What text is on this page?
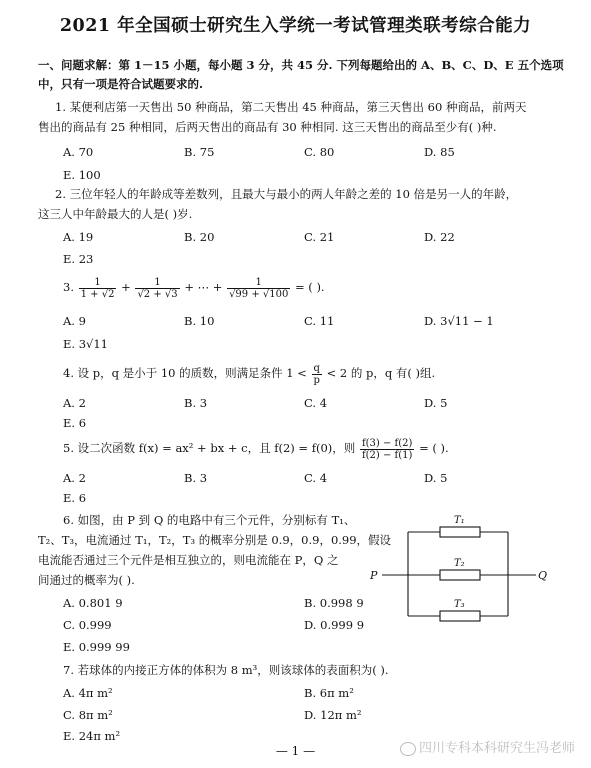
2021 年全国硕士研究生入学统一考试管理类联考综合能力
一、问题求解：第 1－15 小题，每小题 3 分，共 45 分. 下列每题给出的 A、B、C、D、E 五个选项
中，只有一项是符合试题要求的.
1. 某便利店第一天售出 50 种商品，第二天售出 45 种商品，第三天售出 60 种商品，前两天
售出的商品有 25 种相同，后两天售出的商品有 30 种相同. 这三天售出的商品至少有( )种.
A. 70	B. 75	C. 80	D. 85
E. 100
2. 三位年轻人的年龄成等差数列，且最大与最小的两人年龄之差的 10 倍是另一人的年龄，
这三人中年龄最大的人是( )岁.
A. 19	B. 20	C. 21	D. 22
E. 23
3. $\frac{1}{1 + √2} + \frac{1}{√2 + √3}$ + ⋯ + $\frac{1}{√99 + √100}$ = ( ).
A. 9	B. 10	C. 11	D. 3√11 − 1
E. 3√11
4. 设 p，q 是小于 10 的质数，则满足条件 $1 < \frac{q}{p} < 2$ 的 p，q 有( )组.
A. 2	B. 3	C. 4	D. 5
E. 6
5. 设二次函数 f(x) = ax² + bx + c，且 f(2) = f(0)，则 $\frac{f(3) - f(2)}{f(2) - f(1)}$ = ( ).
A. 2	B. 3	C. 4	D. 5
E. 6
6. 如图，由 P 到 Q 的电路中有三个元件，分别标有 T₁、
T₂、T₃，电流通过 T₁，T₂，T₃ 的概率分别是 0.9，0.9，0.99，假设
电流能否通过三个元件是相互独立的，则电流能在 P，Q 之
间通过的概率为( ).
A. 0.801 9	B. 0.998 9
C. 0.999	D. 0.999 9
E. 0.999 99
T₁
T₂
T₃
P	Q
7. 若球体的内接正方体的体积为 8 m³，则该球体的表面积为( ).
A. 4π m²	B. 6π m²
C. 8π m²	D. 12π m²
E. 24π m²
— 1 —	四川专科本科研究生冯老师
